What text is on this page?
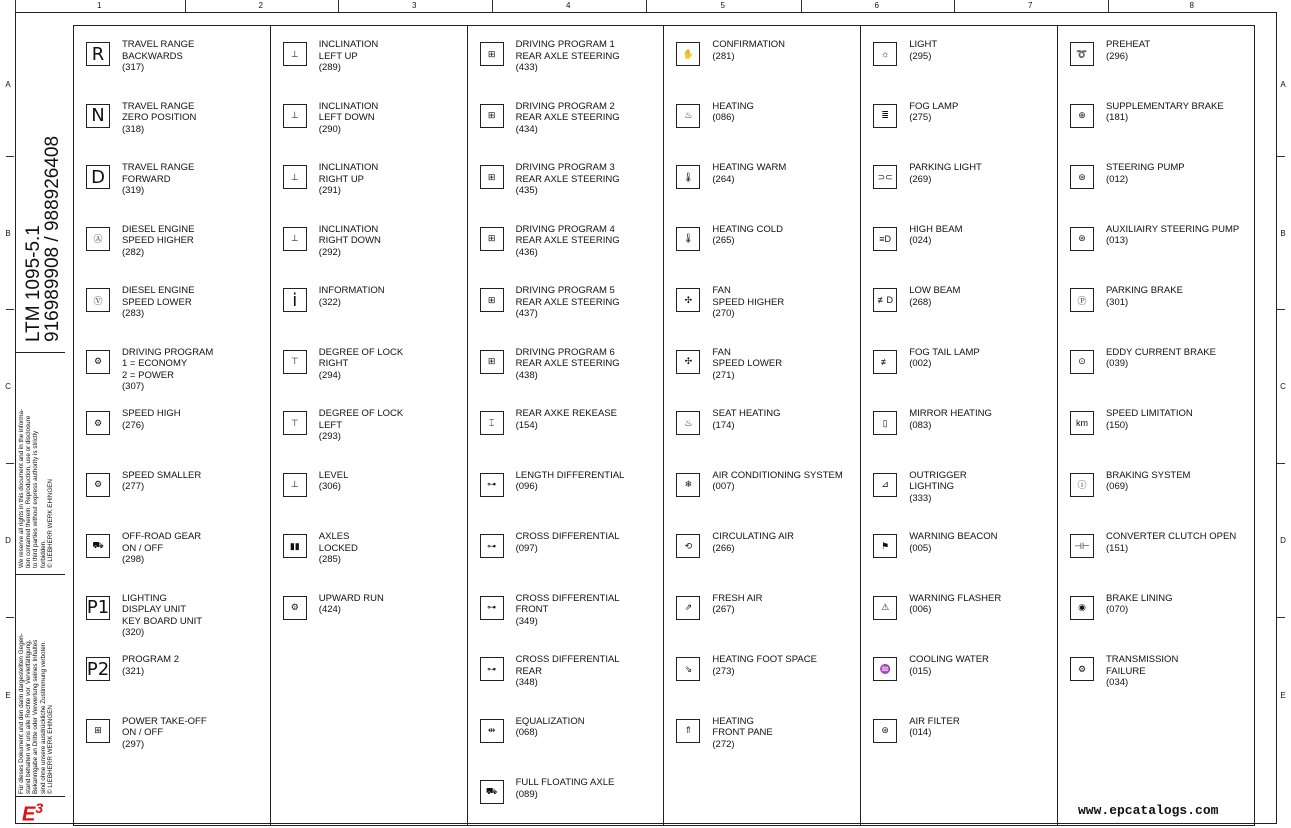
1	2	3	4	5	6	7	8
A	A
B	B
C	C
D	D
E	E
LTM 1095-5.1
916989908 / 988926408
We reserve all rights in this document and in the informa-
tion contained therein. Reproduction, use or disclosure
to third parties without express authority is strictly
forbidden.
© LIEBHERR WERK EHINGEN
Für dieses Dokument und den darin dargestellten Gegen-
stand behalten wir uns alle Rechte vor. Vervielfältigung,
Bekanntgabe an Dritte oder Verwertung seines Inhaltes
sind ohne unsere ausdrückliche Zustimmung verboten.
© LIEBHERR WERK EHINGEN
$E^3$
R	TRAVEL RANGE
BACKWARDS
(317)
N	TRAVEL RANGE
ZERO POSITION
(318)
D	TRAVEL RANGE
FORWARD
(319)
Ⓐ
DIESEL ENGINE
SPEED HIGHER
(282)
Ⓥ
DIESEL ENGINE
SPEED LOWER
(283)
⚙
DRIVING PROGRAM
1 = ECONOMY
2 = POWER
(307)
⚙
SPEED HIGH
(276)
⚙
SPEED SMALLER
(277)
⛟
OFF-ROAD GEAR
ON / OFF
(298)
P1 LIGHTING
DISPLAY UNIT
KEY BOARD UNIT
(320)
P2 PROGRAM 2
(321)
⊞
POWER TAKE-OFF
ON / OFF
(297)
⊥
INCLINATION
LEFT UP
(289)
⊥
INCLINATION
LEFT DOWN
(290)
⊥
INCLINATION
RIGHT UP
(291)
⊥
INCLINATION
RIGHT DOWN
(292)
i	INFORMATION
(322)
⊤
DEGREE OF LOCK
RIGHT
(294)
⊤
DEGREE OF LOCK
LEFT
(293)
⊥
LEVEL
(306)
▮▮
AXLES
LOCKED
(285)
⚙
UPWARD RUN
(424)
⊞
DRIVING PROGRAM 1
REAR AXLE STEERING
(433)
⊞
DRIVING PROGRAM 2
REAR AXLE STEERING
(434)
⊞
DRIVING PROGRAM 3
REAR AXLE STEERING
(435)
⊞
DRIVING PROGRAM 4
REAR AXLE STEERING
(436)
⊞
DRIVING PROGRAM 5
REAR AXLE STEERING
(437)
⊞
DRIVING PROGRAM 6
REAR AXLE STEERING
(438)
⌶
REAR AXKE REKEASE
(154)
⊶
LENGTH DIFFERENTIAL
(096)
⊶
CROSS DIFFERENTIAL
(097)
⊶
CROSS DIFFERENTIAL
FRONT
(349)
⊶
CROSS DIFFERENTIAL
REAR
(348)
⇹
EQUALIZATION
(068)
⛟
FULL FLOATING AXLE
(089)
✋
CONFIRMATION
(281)
♨
HEATING
(086)
🌡
HEATING WARM
(264)
🌡
HEATING COLD
(265)
✣
FAN
SPEED HIGHER
(270)
✣
FAN
SPEED LOWER
(271)
♨
SEAT HEATING
(174)
❄
AIR CONDITIONING SYSTEM
(007)
⟲
CIRCULATING AIR
(266)
⇗
FRESH AIR
(267)
⇘
HEATING FOOT SPACE
(273)
⇑
HEATING
FRONT PANE
(272)
☼
LIGHT
(295)
≣
FOG LAMP
(275)
⊃⊂
PARKING LIGHT
(269)
≡D
HIGH BEAM
(024)
≢D
LOW BEAM
(268)
≢
FOG TAIL LAMP
(002)
▯
MIRROR HEATING
(083)
⊿
OUTRIGGER
LIGHTING
(333)
⚑
WARNING BEACON
(005)
⚠
WARNING FLASHER
(006)
♒
COOLING WATER
(015)
⊛
AIR FILTER
(014)
➰
PREHEAT
(296)
⊕
SUPPLEMENTARY BRAKE
(181)
⊛
STEERING PUMP
(012)
⊛
AUXILIAIRY STEERING PUMP
(013)
Ⓟ
PARKING BRAKE
(301)
⊙
EDDY CURRENT BRAKE
(039)
km
SPEED LIMITATION
(150)
ⓘ
BRAKING SYSTEM
(069)
⊣⊢
CONVERTER CLUTCH OPEN
(151)
◉
BRAKE LINING
(070)
⚙
TRANSMISSION
FAILURE
(034)
www.epcatalogs.com
